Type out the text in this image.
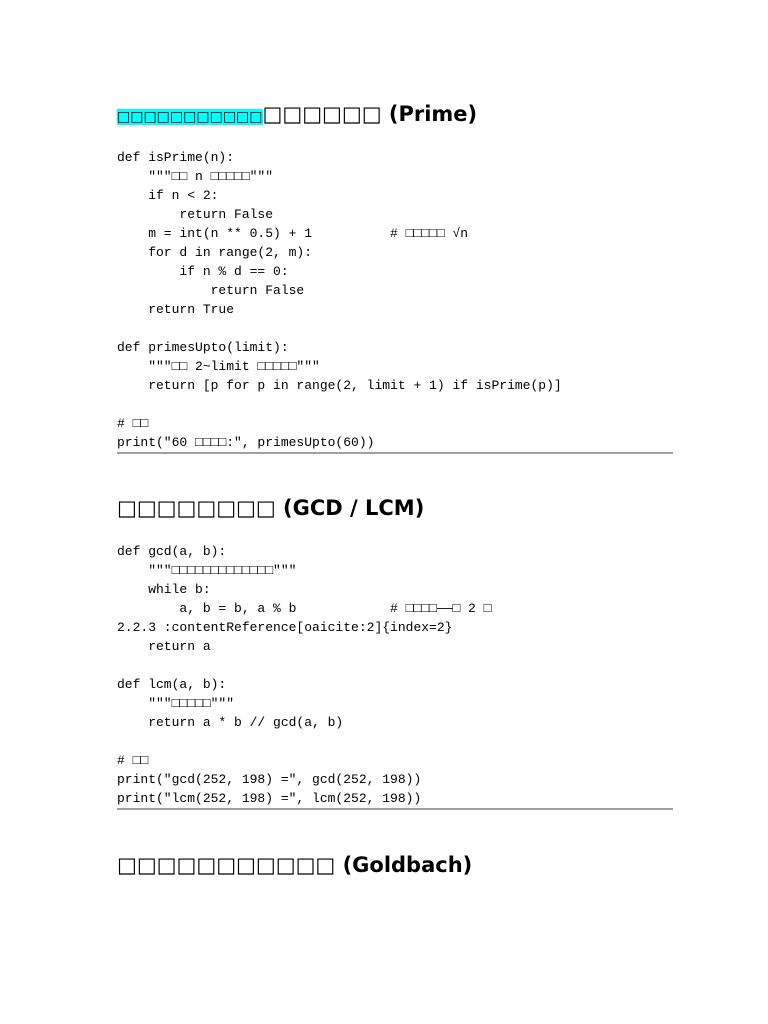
□□□□□□□□□□□□□□□□□ (Prime)
def isPrime(n):
"""□□ n □□□□□"""
if n < 2:
return False
m = int(n ** 0.5) + 1          # □□□□□ √n
for d in range(2, m):
if n % d == 0:
return False
return True

def primesUpto(limit):
"""□□ 2~limit □□□□□"""
return [p for p in range(2, limit + 1) if isPrime(p)]

# □□
print("60 □□□□:", primesUpto(60))
□□□□□□□□ (GCD / LCM)
def gcd(a, b):
"""□□□□□□□□□□□□□"""
while b:
a, b = b, a % b            # □□□□——□ 2 □
2.2.3 :contentReference[oaicite:2]{index=2}
return a

def lcm(a, b):
"""□□□□□"""
return a * b // gcd(a, b)

# □□
print("gcd(252, 198) =", gcd(252, 198))
print("lcm(252, 198) =", lcm(252, 198))
□□□□□□□□□□□ (Goldbach)
